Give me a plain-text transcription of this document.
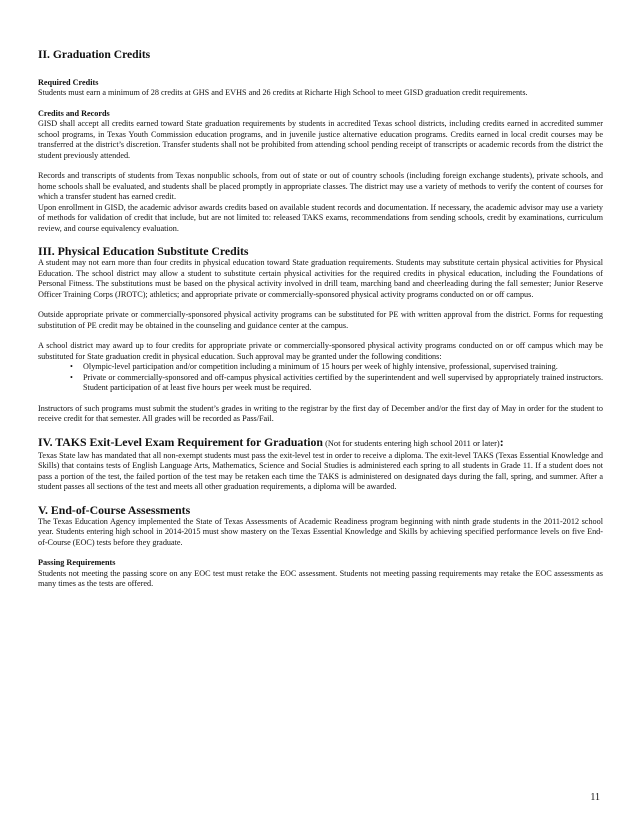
II. Graduation Credits
Required Credits

Students must earn a minimum of 28 credits at GHS and EVHS and 26 credits at Richarte High School to meet GISD graduation credit requirements.

Credits and Records

GISD shall accept all credits earned toward State graduation requirements by students in accredited Texas school districts, including credits earned in accredited summer school programs, in Texas Youth Commission education programs, and in juvenile justice alternative education programs. Credits earned in local credit courses may be transferred at the district’s discretion. Transfer students shall not be prohibited from attending school pending receipt of transcripts or academic records from the district the student previously attended.

Records and transcripts of students from Texas nonpublic schools, from out of state or out of country schools (including foreign exchange students), private schools, and home schools shall be evaluated, and students shall be placed promptly in appropriate classes. The district may use a variety of methods to verify the content of courses for which a transfer student has earned credit.

Upon enrollment in GISD, the academic advisor awards credits based on available student records and documentation. If necessary, the academic advisor may use a variety of methods for validation of credit that include, but are not limited to: released TAKS exams, recommendations from sending schools, credit by examinations, curriculum review, and course equivalency evaluation.

III. Physical Education Substitute Credits

A student may not earn more than four credits in physical education toward State graduation requirements. Students may substitute certain physical activities for Physical Education. The school district may allow a student to substitute certain physical activities for the required credits in physical education, including the Foundations of Personal Fitness. The substitutions must be based on the physical activity involved in drill team, marching band and cheerleading during the fall semester; Junior Reserve Officer Training Corps (JROTC); athletics; and appropriate private or commercially-sponsored physical activity programs conducted on or off campus.

Outside appropriate private or commercially-sponsored physical activity programs can be substituted for PE with written approval from the district. Forms for requesting substitution of PE credit may be obtained in the counseling and guidance center at the campus.

A school district may award up to four credits for appropriate private or commercially-sponsored physical activity programs conducted on or off campus which may be substituted for State graduation credit in physical education. Such approval may be granted under the following conditions:

• Olympic-level participation and/or competition including a minimum of 15 hours per week of highly intensive, professional, supervised training.
• Private or commercially-sponsored and off-campus physical activities certified by the superintendent and well supervised by appropriately trained instructors. Student participation of at least five hours per week must be required.

Instructors of such programs must submit the student’s grades in writing to the registrar by the first day of December and/or the first day of May in order for the student to receive credit for that semester. All grades will be recorded as Pass/Fail.

IV. TAKS Exit-Level Exam Requirement for Graduation (Not for students entering high school 2011 or later):

Texas State law has mandated that all non-exempt students must pass the exit-level test in order to receive a diploma. The exit-level TAKS (Texas Essential Knowledge and Skills) that contains tests of English Language Arts, Mathematics, Science and Social Studies is administered each spring to all students in Grade 11. If a student does not pass a portion of the test, the failed portion of the test may be retaken each time the TAKS is administered on designated days during the fall, spring, and summer. After a student passes all sections of the test and meets all other graduation requirements, a diploma will be awarded.

V. End-of-Course Assessments

The Texas Education Agency implemented the State of Texas Assessments of Academic Readiness program beginning with ninth grade students in the 2011-2012 school year. Students entering high school in 2014-2015 must show mastery on the Texas Essential Knowledge and Skills by achieving specified performance levels on five End-of-Course (EOC) tests before they graduate.

Passing Requirements

Students not meeting the passing score on any EOC test must retake the EOC assessment. Students not meeting passing requirements may retake the EOC assessments as many times as the tests are offered.

11
